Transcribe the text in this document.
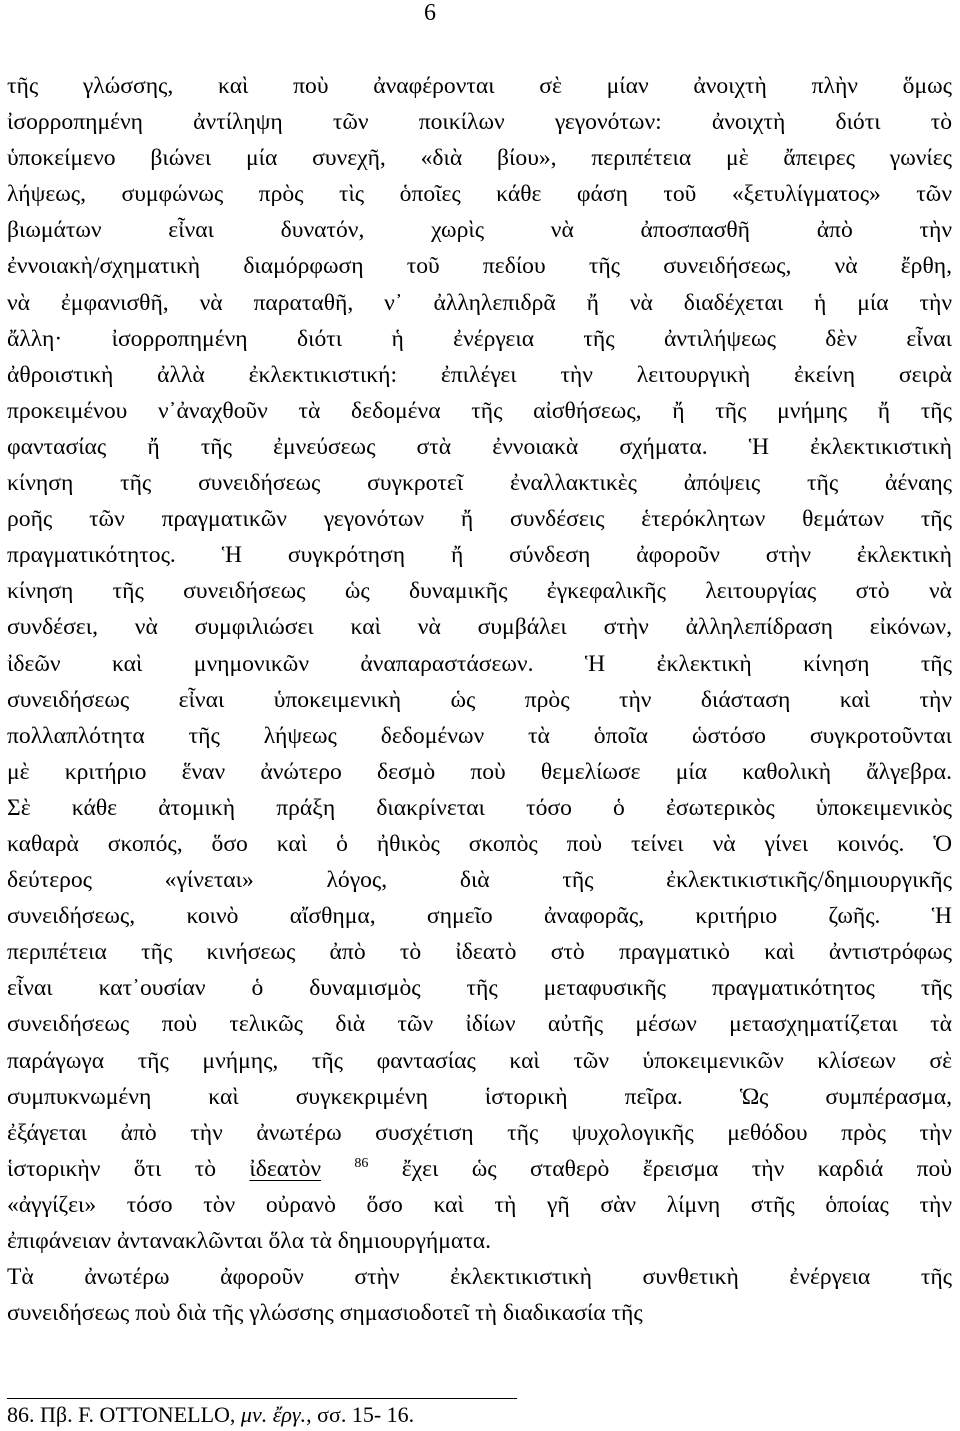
6
τῆς γλώσσης, καὶ ποὺ ἀναφέρονται σὲ μίαν ἀνοιχτὴ πλὴν ὅμως
ἰσορροπημένη ἀντίληψη τῶν ποικίλων γεγονότων: ἀνοιχτὴ διότι τὸ
ὑποκείμενο βιώνει μία συνεχῆ, «διὰ βίου», περιπέτεια μὲ ἄπειρες γωνίες
λήψεως, συμφώνως πρὸς τὶς ὁποῖες κάθε φάση τοῦ «ξετυλίγματος» τῶν
βιωμάτων εἶναι δυνατόν, χωρὶς νὰ ἀποσπασθῆ ἀπὸ τὴν
ἐννοιακὴ/σχηματικὴ διαμόρφωση τοῦ πεδίου τῆς συνειδήσεως, νὰ ἔρθη,
νὰ ἐμφανισθῆ, νὰ παραταθῆ, ν᾽ ἀλληλεπιδρᾶ ἤ νὰ διαδέχεται ἡ μία τὴν
ἄλλη· ἰσορροπημένη διότι ἡ ἐνέργεια τῆς ἀντιλήψεως δὲν εἶναι
ἀθροιστικὴ ἀλλὰ ἐκλεκτικιστική: ἐπιλέγει τὴν λειτουργικὴ ἐκείνη σειρὰ
προκειμένου ν᾽ἀναχθοῦν τὰ δεδομένα τῆς αἰσθήσεως, ἤ τῆς μνήμης ἤ τῆς
φαντασίας ἤ τῆς ἐμνεύσεως στὰ ἐννοιακὰ σχήματα. Ἡ ἐκλεκτικιστικὴ
κίνηση τῆς συνειδήσεως συγκροτεῖ ἐναλλακτικὲς ἀπόψεις τῆς ἀέναης
ροῆς τῶν πραγματικῶν γεγονότων ἤ συνδέσεις ἑτερόκλητων θεμάτων τῆς
πραγματικότητος. Ἡ συγκρότηση ἤ σύνδεση ἀφοροῦν στὴν ἐκλεκτικὴ
κίνηση τῆς συνειδήσεως ὡς δυναμικῆς ἐγκεφαλικῆς λειτουργίας στὸ νὰ
συνδέσει, νὰ συμφιλιώσει καὶ νὰ συμβάλει στὴν ἀλληλεπίδραση εἰκόνων,
ἰδεῶν καὶ μνημονικῶν ἀναπαραστάσεων. Ἡ ἐκλεκτικὴ κίνηση τῆς
συνειδήσεως εἶναι ὑποκειμενικὴ ὡς πρὸς τὴν διάσταση καὶ τὴν
πολλαπλότητα τῆς λήψεως δεδομένων τὰ ὁποῖα ὡστόσο συγκροτοῦνται
μὲ κριτήριο ἕναν ἀνώτερο δεσμὸ ποὺ θεμελίωσε μία καθολικὴ ἄλγεβρα.
Σὲ κάθε ἀτομικὴ πράξη διακρίνεται τόσο ὁ ἐσωτερικὸς ὑποκειμενικὸς
καθαρὰ σκοπός, ὅσο καὶ ὁ ἠθικὸς σκοπὸς ποὺ τείνει νὰ γίνει κοινός. Ὁ
δεύτερος «γίνεται» λόγος, διὰ τῆς ἐκλεκτικιστικῆς/δημιουργικῆς
συνειδήσεως, κοινὸ αἴσθημα, σημεῖο ἀναφορᾶς, κριτήριο ζωῆς. Ἡ
περιπέτεια τῆς κινήσεως ἀπὸ τὸ ἰδεατὸ στὸ πραγματικὸ καὶ ἀντιστρόφως
εἶναι κατ᾽ουσίαν ὁ δυναμισμὸς τῆς μεταφυσικῆς πραγματικότητος τῆς
συνειδήσεως ποὺ τελικῶς διὰ τῶν ἰδίων αὐτῆς μέσων μετασχηματίζεται τὰ
παράγωγα τῆς μνήμης, τῆς φαντασίας καὶ τῶν ὑποκειμενικῶν κλίσεων σὲ
συμπυκνωμένη καὶ συγκεκριμένη ἱστορικὴ πεῖρα. Ὡς συμπέρασμα,
ἐξάγεται ἀπὸ τὴν ἀνωτέρω συσχέτιση τῆς ψυχολογικῆς μεθόδου πρὸς τὴν
ἱστορικὴν ὅτι τὸ ἰδεατὸν $^{86}$ ἔχει ὡς σταθερὸ ἔρεισμα τὴν καρδιά ποὺ
«ἀγγίζει» τόσο τὸν οὐρανὸ ὅσο καὶ τὴ γῆ σὰν λίμνη στῆς ὁποίας τὴν
ἐπιφάνειαν ἀντανακλῶνται ὅλα τὰ δημιουργήματα.
Τὰ ἀνωτέρω ἀφοροῦν στὴν ἐκλεκτικιστικὴ συνθετικὴ ἐνέργεια τῆς
συνειδήσεως ποὺ διὰ τῆς γλώσσης σημασιοδοτεῖ τὴ διαδικασία τῆς
86. Πβ. F. OTTONELLO, μν. ἔργ., σσ. 15- 16.
